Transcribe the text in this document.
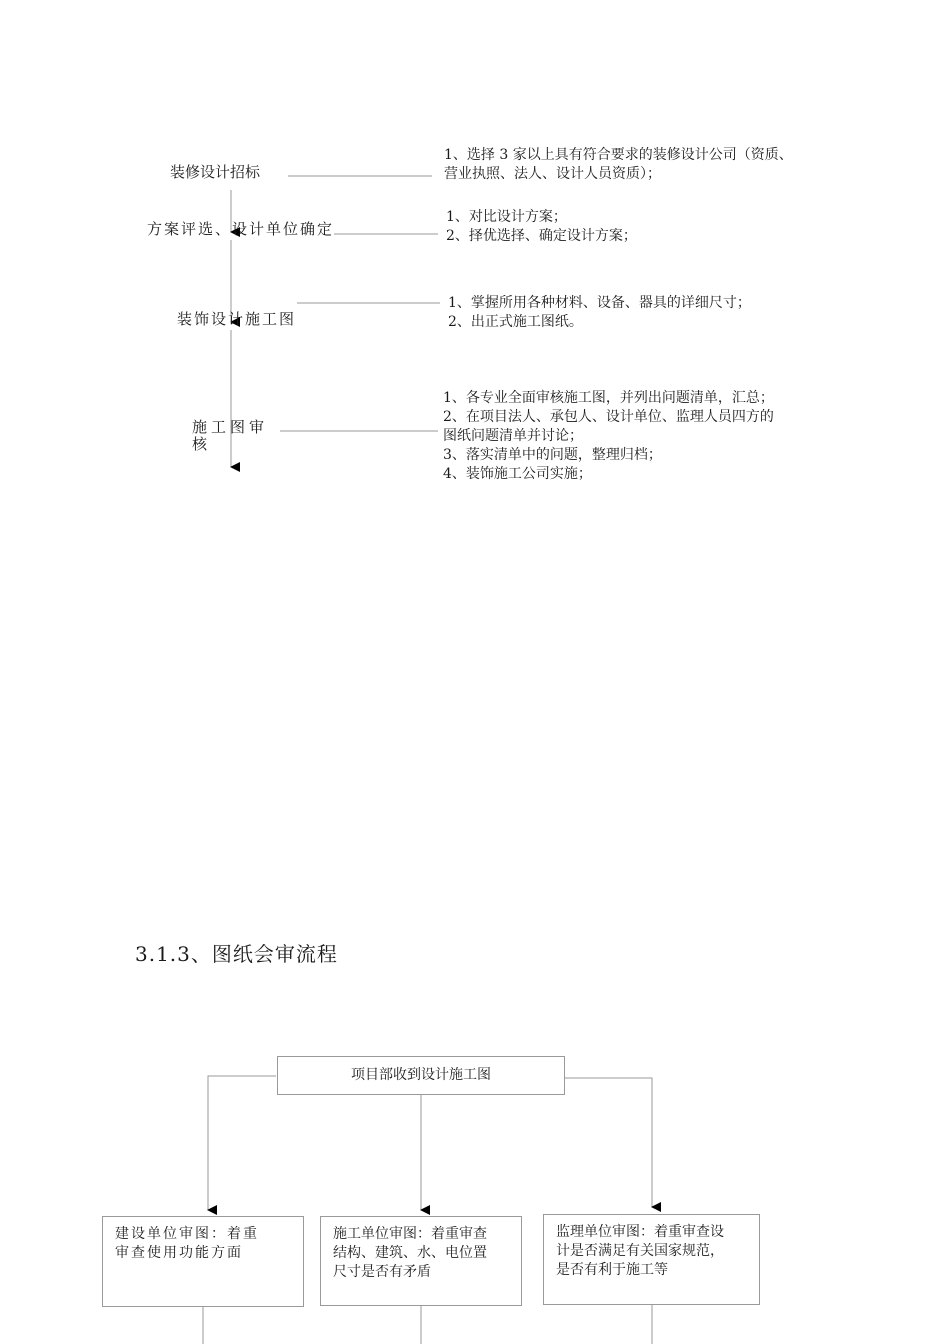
装修设计招标
方案评选、设计单位确定
装饰设计施工图
施工图审核
1、选择 3 家以上具有符合要求的装修设计公司（资质、
营业执照、法人、设计人员资质）；
1、对比设计方案；
2、择优选择、确定设计方案；
1、掌握所用各种材料、设备、器具的详细尺寸；
2、出正式施工图纸。
1、各专业全面审核施工图，并列出问题清单，汇总；
2、在项目法人、承包人、设计单位、监理人员四方的
图纸问题清单并讨论；
3、落实清单中的问题，整理归档；
4、装饰施工公司实施；
3.1.3、图纸会审流程
项目部收到设计施工图
建设单位审图：着重
审查使用功能方面
施工单位审图：着重审查
结构、建筑、水、电位置
尺寸是否有矛盾
监理单位审图：着重审查设
计是否满足有关国家规范，
是否有利于施工等
